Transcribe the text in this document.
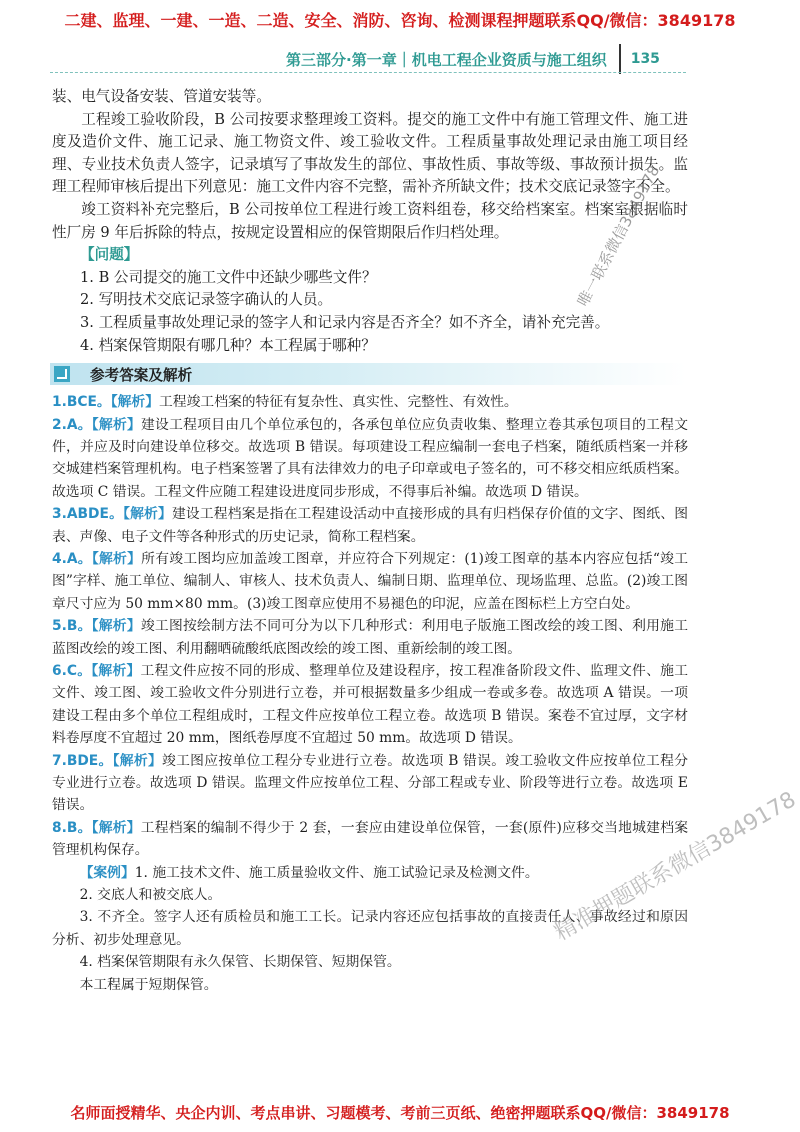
二建、监理、一建、一造、二造、安全、消防、咨询、检测课程押题联系QQ/微信：3849178
第三部分·第一章｜机电工程企业资质与施工组织 135

装、电气设备安装、管道安装等。

工程竣工验收阶段，B 公司按要求整理竣工资料。提交的施工文件中有施工管理文件、施工进度及造价文件、施工记录、施工物资文件、竣工验收文件。工程质量事故处理记录由施工项目经理、专业技术负责人签字，记录填写了事故发生的部位、事故性质、事故等级、事故预计损失。监理工程师审核后提出下列意见：施工文件内容不完整，需补齐所缺文件；技术交底记录签字不全。

竣工资料补充完整后，B 公司按单位工程进行竣工资料组卷，移交给档案室。档案室根据临时性厂房 9 年后拆除的特点，按规定设置相应的保管期限后作归档处理。

【问题】

1. B 公司提交的施工文件中还缺少哪些文件？

2. 写明技术交底记录签字确认的人员。

3. 工程质量事故处理记录的签字人和记录内容是否齐全？如不齐全，请补充完善。

4. 档案保管期限有哪几种？本工程属于哪种？

参考答案及解析

1.BCE。【解析】工程竣工档案的特征有复杂性、真实性、完整性、有效性。

2.A。【解析】建设工程项目由几个单位承包的，各承包单位应负责收集、整理立卷其承包项目的工程文件，并应及时向建设单位移交。故选项 B 错误。每项建设工程应编制一套电子档案，随纸质档案一并移交城建档案管理机构。电子档案签署了具有法律效力的电子印章或电子签名的，可不移交相应纸质档案。故选项 C 错误。工程文件应随工程建设进度同步形成，不得事后补编。故选项 D 错误。

3.ABDE。【解析】建设工程档案是指在工程建设活动中直接形成的具有归档保存价值的文字、图纸、图表、声像、电子文件等各种形式的历史记录，简称工程档案。

4.A。【解析】所有竣工图均应加盖竣工图章，并应符合下列规定：(1)竣工图章的基本内容应包括“竣工图”字样、施工单位、编制人、审核人、技术负责人、编制日期、监理单位、现场监理、总监。(2)竣工图章尺寸应为 50 mm×80 mm。(3)竣工图章应使用不易褪色的印泥，应盖在图标栏上方空白处。

5.B。【解析】竣工图按绘制方法不同可分为以下几种形式：利用电子版施工图改绘的竣工图、利用施工蓝图改绘的竣工图、利用翻晒硫酸纸底图改绘的竣工图、重新绘制的竣工图。

6.C。【解析】工程文件应按不同的形成、整理单位及建设程序，按工程准备阶段文件、监理文件、施工文件、竣工图、竣工验收文件分别进行立卷，并可根据数量多少组成一卷或多卷。故选项 A 错误。一项建设工程由多个单位工程组成时，工程文件应按单位工程立卷。故选项 B 错误。案卷不宜过厚，文字材料卷厚度不宜超过 20 mm，图纸卷厚度不宜超过 50 mm。故选项 D 错误。

7.BDE。【解析】竣工图应按单位工程分专业进行立卷。故选项 B 错误。竣工验收文件应按单位工程分专业进行立卷。故选项 D 错误。监理文件应按单位工程、分部工程或专业、阶段等进行立卷。故选项 E 错误。

8.B。【解析】工程档案的编制不得少于 2 套，一套应由建设单位保管，一套(原件)应移交当地城建档案管理机构保存。

【案例】1. 施工技术文件、施工质量验收文件、施工试验记录及检测文件。

2. 交底人和被交底人。

3. 不齐全。签字人还有质检员和施工工长。记录内容还应包括事故的直接责任人、事故经过和原因分析、初步处理意见。

4. 档案保管期限有永久保管、长期保管、短期保管。

本工程属于短期保管。

唯一联系微信3849178
精准押题联系微信3849178
名师面授精华、央企内训、考点串讲、习题模考、考前三页纸、绝密押题联系QQ/微信：3849178
